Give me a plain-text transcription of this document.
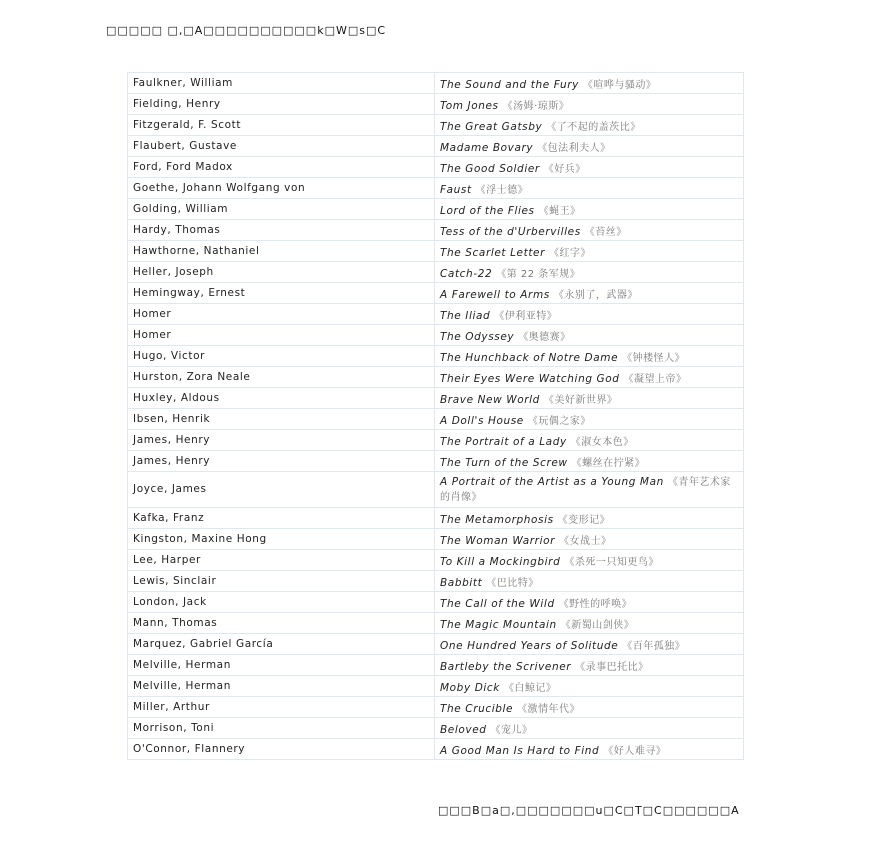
□□□□□ □,□A□□□□□□□□□□k□W□s□C
Faulkner, William	The Sound and the Fury 《喧哗与骚动》
Fielding, Henry	Tom Jones 《汤姆·琼斯》
Fitzgerald, F. Scott	The Great Gatsby 《了不起的盖茨比》
Flaubert, Gustave	Madame Bovary 《包法利夫人》
Ford, Ford Madox	The Good Soldier 《好兵》
Goethe, Johann Wolfgang von	Faust 《浮士德》
Golding, William	Lord of the Flies 《蝇王》
Hardy, Thomas	Tess of the d'Urbervilles 《苔丝》
Hawthorne, Nathaniel	The Scarlet Letter 《红字》
Heller, Joseph	Catch-22 《第 22 条军规》
Hemingway, Ernest	A Farewell to Arms 《永别了，武器》
Homer	The Iliad 《伊利亚特》
Homer	The Odyssey 《奥德赛》
Hugo, Victor	The Hunchback of Notre Dame 《钟楼怪人》
Hurston, Zora Neale	Their Eyes Were Watching God 《凝望上帝》
Huxley, Aldous	Brave New World 《美好新世界》
Ibsen, Henrik	A Doll's House 《玩偶之家》
James, Henry	The Portrait of a Lady 《淑女本色》
James, Henry	The Turn of the Screw 《螺丝在拧紧》
Joyce, James	A Portrait of the Artist as a Young Man 《青年艺术家的肖像》
Kafka, Franz	The Metamorphosis 《变形记》
Kingston, Maxine Hong	The Woman Warrior 《女战士》
Lee, Harper	To Kill a Mockingbird 《杀死一只知更鸟》
Lewis, Sinclair	Babbitt 《巴比特》
London, Jack	The Call of the Wild 《野性的呼唤》
Mann, Thomas	The Magic Mountain 《新蜀山剑侠》
Marquez, Gabriel García	One Hundred Years of Solitude 《百年孤独》
Melville, Herman	Bartleby the Scrivener 《录事巴托比》
Melville, Herman	Moby Dick 《白鲸记》
Miller, Arthur	The Crucible 《激情年代》
Morrison, Toni	Beloved 《宠儿》
O'Connor, Flannery	A Good Man Is Hard to Find 《好人难寻》
□□□B□a□,□□□□□□□u□C□T□C□□□□□□A
